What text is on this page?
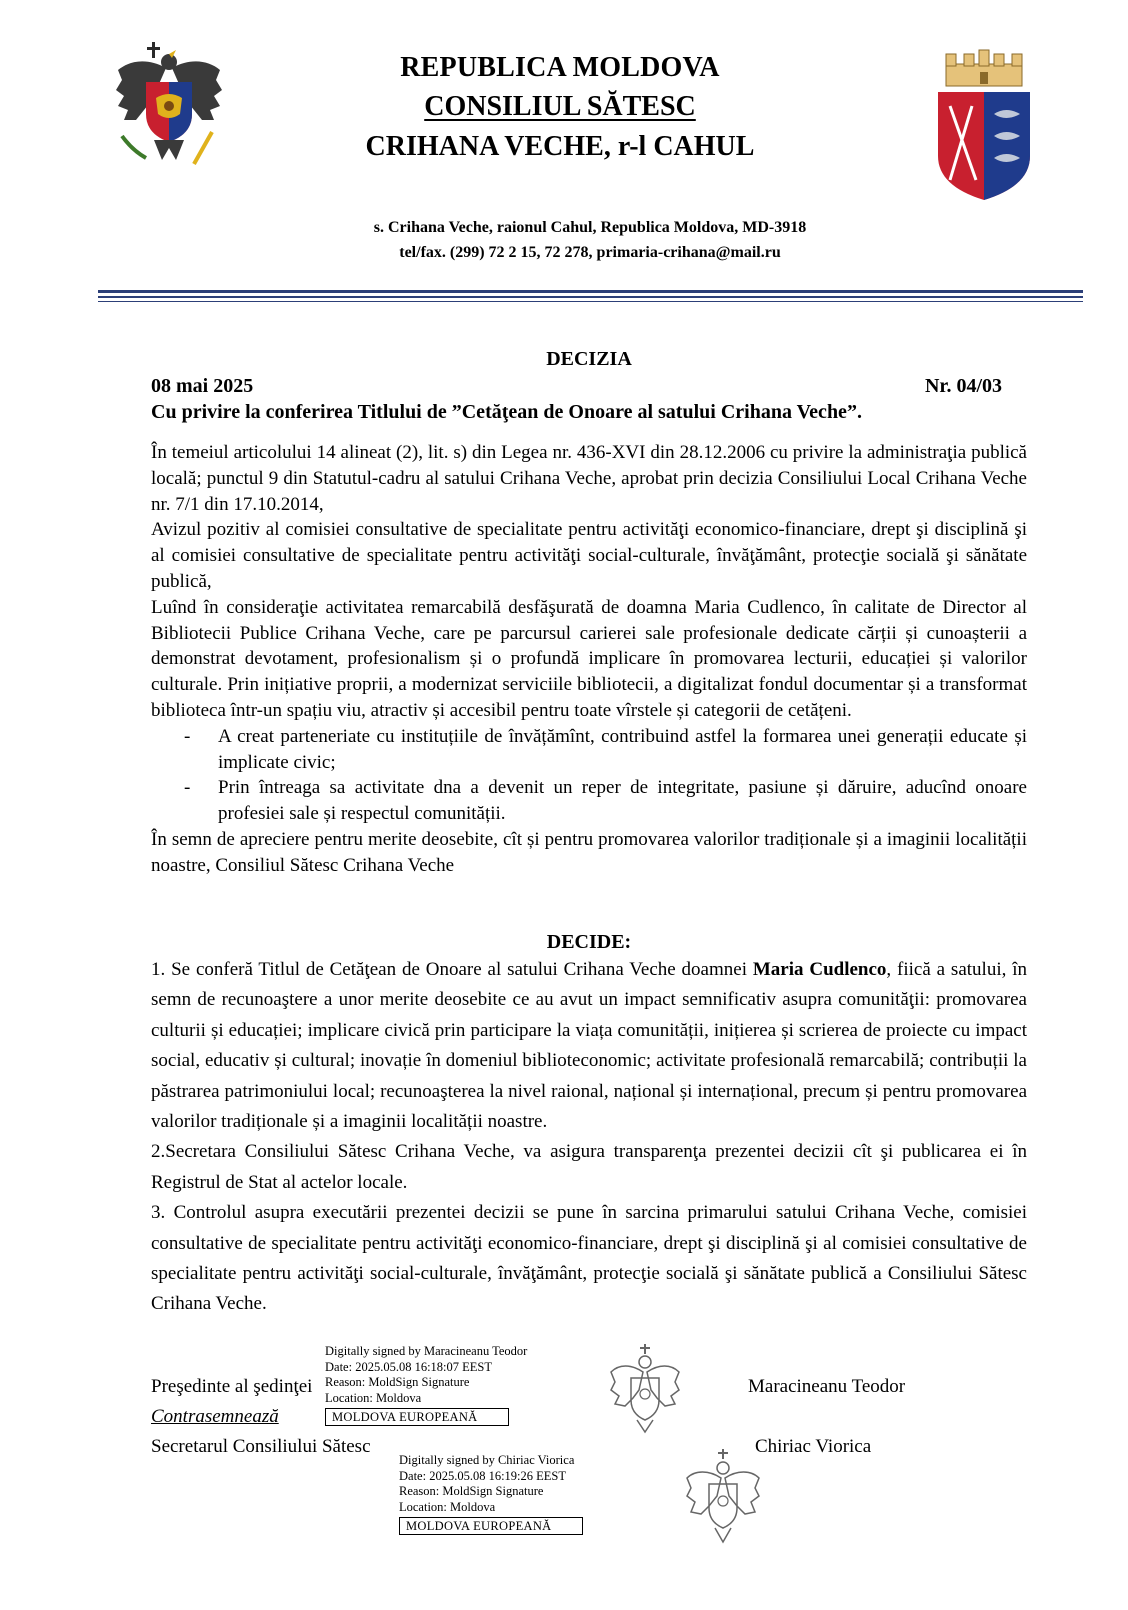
REPUBLICA MOLDOVA
CONSILIUL SĂTESC
CRIHANA VECHE, r-l CAHUL
s. Crihana Veche, raionul Cahul, Republica Moldova, MD-3918
tel/fax. (299) 72 2 15, 72 278, primaria-crihana@mail.ru
DECIZIA
08 mai 2025	Nr. 04/03
Cu privire la conferirea Titlului de ”Cetăţean de Onoare al satului Crihana Veche”.

În temeiul articolului 14 alineat (2), lit. s) din Legea nr. 436-XVI din 28.12.2006 cu privire la administraţia publică locală; punctul 9 din Statutul-cadru al satului Crihana Veche, aprobat prin decizia Consiliului Local Crihana Veche nr. 7/1 din 17.10.2014,

Avizul pozitiv al comisiei consultative de specialitate pentru activităţi economico-financiare, drept şi disciplină şi al comisiei consultative de specialitate pentru activităţi social-culturale, învăţământ, protecţie socială şi sănătate publică,

Luînd în consideraţie activitatea remarcabilă desfăşurată de doamna Maria Cudlenco, în calitate de Director al Bibliotecii Publice Crihana Veche, care pe parcursul carierei sale profesionale dedicate cărții și cunoașterii a demonstrat devotament, profesionalism și o profundă implicare în promovarea lecturii, educației și valorilor culturale. Prin inițiative proprii, a modernizat serviciile bibliotecii, a digitalizat fondul documentar și a transformat biblioteca într-un spațiu viu, atractiv și accesibil pentru toate vîrstele și categorii de cetățeni.

-	A creat parteneriate cu instituțiile de învățămînt, contribuind astfel la formarea unei generații educate și implicate civic;
-	Prin întreaga sa activitate dna a devenit un reper de integritate, pasiune și dăruire, aducînd onoare profesiei sale și respectul comunității.

În semn de apreciere pentru merite deosebite, cît și pentru promovarea valorilor tradiționale și a imaginii localității noastre, Consiliul Sătesc Crihana Veche

DECIDE:

1. Se conferă Titlul de Cetăţean de Onoare al satului Crihana Veche doamnei Maria Cudlenco, fiică a satului, în semn de recunoaştere a unor merite deosebite ce au avut un impact semnificativ asupra comunităţii: promovarea culturii și educației; implicare civică prin participare la viața comunității, inițierea și scrierea de proiecte cu impact social, educativ și cultural; inovație în domeniul biblioteconomic; activitate profesională remarcabilă; contribuții la păstrarea patrimoniului local; recunoaşterea la nivel raional, național și internațional, precum și pentru promovarea valorilor tradiționale și a imaginii localității noastre.

2.Secretara Consiliului Sătesc Crihana Veche, va asigura transparenţa prezentei decizii cît şi publicarea ei în Registrul de Stat al actelor locale.

3. Controlul asupra executării prezentei decizii se pune în sarcina primarului satului Crihana Veche, comisiei consultative de specialitate pentru activităţi economico-financiare, drept şi disciplină şi al comisiei consultative de specialitate pentru activităţi social-culturale, învăţământ, protecţie socială şi sănătate publică a Consiliului Sătesc Crihana Veche.

Preşedinte al şedinţei	Maracineanu Teodor
Contrasemnează
Secretarul Consiliului Sătesc	Chiriac Viorica
Digitally signed by Maracineanu Teodor
Date: 2025.05.08 16:18:07 EEST
Reason: MoldSign Signature
Location: Moldova
MOLDOVA EUROPEANĂ
Digitally signed by Chiriac Viorica
Date: 2025.05.08 16:19:26 EEST
Reason: MoldSign Signature
Location: Moldova
MOLDOVA EUROPEANĂ
